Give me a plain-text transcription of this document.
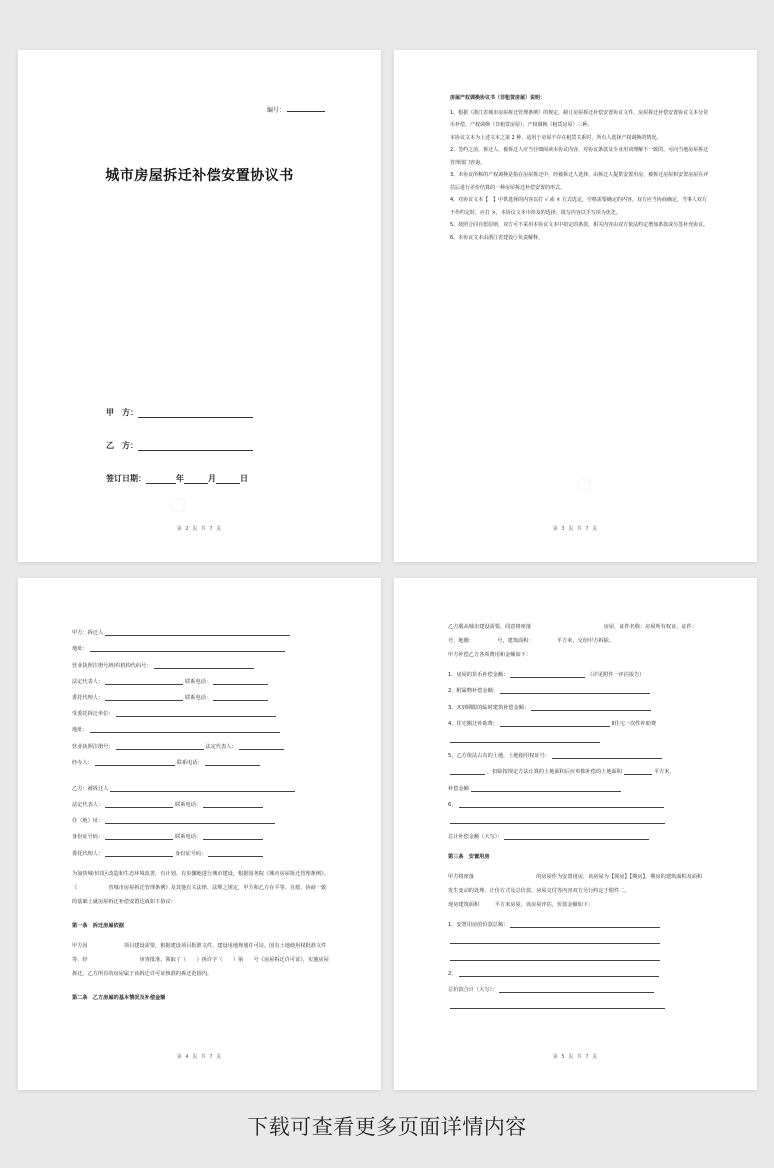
编号：
城市房屋拆迁补偿安置协议书
甲　方：
乙　方：
签订日期：	年	月	日
第 2 页 共 7 页
房屋产权调换协议书（非租赁房屋）说明：

1、根据《浙江省城市房屋拆迁管理条例》的规定，制订房屋拆迁补偿安置协议文件。房屋拆迁补偿安置协议文本分货币补偿、产权调换（非租赁房屋）、产权调换（租赁房屋）三种。

本协议文本为上述文本之第 2 种，适用于房屋不存在租赁关系时，所有人选择产权调换的情况。

2、签约之前，拆迁人、被拆迁人应当仔细阅读本协议内容，对协议条款及专业用词理解不一致的，可向当地房屋拆迁管理部门咨询。

3、本协议所称的产权调换是指在房屋拆迁中，经被拆迁人选择，由拆迁人提供安置用房，被拆迁房屋和安置房屋在评估后进行差价结算的一种房屋拆迁补偿安置的形式。

4、对协议文本【　】中供选择的内容以打 √ 或 × 方式选定，空格需要确定的内容，双方应当协商确定，当事人双方不作约定时，应打 ×，本协议文本中涉及的选择、填写内容以手写项为优先。

5、按照合同自愿原则，双方可不采用本协议文本中拟定的条款，相关内容由双方依法约定增加条款或另签补充协议。

6、本协议文本由浙江省建设厅负责解释。

第 3 页 共 7 页
甲方：拆迁人
地址：
营业执照注册号/组织机构代码号：
法定代表人：	联系电话：
委托代理人：	联系电话：
受委托拆迁单位：
地址：
营业执照注册号：	法定代表人：
经办人：	联系电话：
乙方：被拆迁人
法定代表人：	联系电话：
住（地）址：
身份证号码：	联系电话：
委托代理人：	身份证号码：
为加快城市旧区改造和生态环境改善，有计划、有步骤地进行城市建设，根据国务院《城市房屋拆迁管理条例》、《　　　　　　省城市房屋拆迁管理条例》及其他有关法律、法规之规定，甲方和乙方在平等、自愿、协商一致的基础上就房屋拆迁补偿安置达成如下协议：
第一条　拆迁房屋依据
甲方因　　　　　　　项目建设需要，根据建设项目批准文件、建设用地规划许可证，国有土地使用权批准文件等，经　　　　　　　　　　审查批准，领取了（　　）拆许字（　　）第　　号《房屋拆迁许可证》，实施房屋拆迁。乙方所有的房屋属于该拆迁许可证核准的拆迁范围内。
第二条　乙方房屋的基本情况及补偿金额
第 4 页 共 7 页
乙方服从城市建设需要，同意将座落　　　　　　　　　　　　　　房屋，证件名称：房屋所有权证，证件：　　　　　号，地籍：　　　　　号，建筑面积：　　　　　平方米，交给甲方拆除。
甲方补偿乙方各项费用和金额如下：
1、房屋的货币补偿金额：	（详见附件一评估报告）
2、附属物补偿金额：
3、未到期限的临时建筑补偿金额：
4、住宅搬迁补助费：	Ⅱ住宅一次性补助费
5、乙方依法占有的土地，土地使用权证号：
，扣除按规定方法计算的土地面积后应单独补偿的土地面积	平方米，
补偿金额
6、
总计补偿金额（大写）：
第三条　安置用房
甲方将座落　　　　　　　　　　　　的房屋作为安置用房，该房屋为【现房】【期房】，期房的建筑面积及面积发生变动的处理、计价方式及总价款、房屋交付等内容双方另行约定于附件二。
现房建筑面积　　　平方米房屋，该房屋评估，价款金额如下：
1、安置用房的价款总额：
2、
总价款合计（大写）：
第 5 页 共 7 页
下载可查看更多页面详情内容
